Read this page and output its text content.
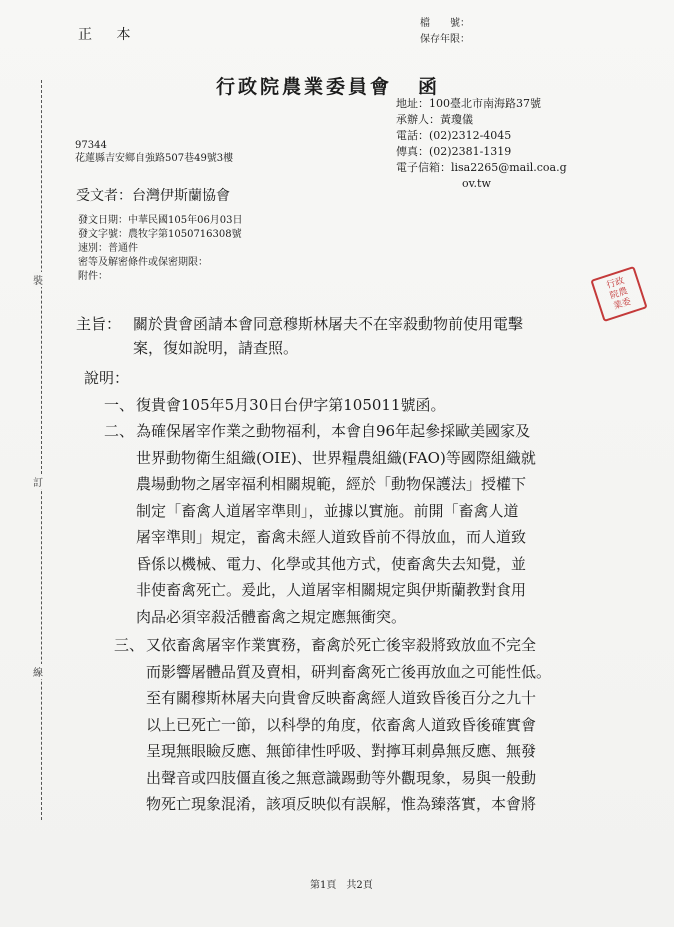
裝
訂
線
正 本
檔　　號：
保存年限：
行政院農業委員會 函
地址：100臺北市南海路37號
承辦人：黃瓊儀
電話：(02)2312-4045
傳真：(02)2381-1319
電子信箱：lisa2265@mail.coa.g
ov.tw
97344
花蓮縣吉安鄉自強路507巷49號3樓
受文者：台灣伊斯蘭協會
發文日期：中華民國105年06月03日
發文字號：農牧字第1050716308號
速別：普通件
密等及解密條件或保密期限：
附件：	行政
院農
業委
主旨： 關於貴會函請本會同意穆斯林屠夫不在宰殺動物前使用電擊
案，復如說明，請查照。
說明：
一、 復貴會105年5月30日台伊字第105011號函。
二、 為確保屠宰作業之動物福利，本會自96年起參採歐美國家及
世界動物衛生組織(OIE)、世界糧農組織(FAO)等國際組織就
農場動物之屠宰福利相關規範，經於「動物保護法」授權下
制定「畜禽人道屠宰準則」，並據以實施。前開「畜禽人道
屠宰準則」規定，畜禽未經人道致昏前不得放血，而人道致
昏係以機械、電力、化學或其他方式，使畜禽失去知覺，並
非使畜禽死亡。爰此，人道屠宰相關規定與伊斯蘭教對食用
肉品必須宰殺活體畜禽之規定應無衝突。
三、 又依畜禽屠宰作業實務，畜禽於死亡後宰殺將致放血不完全
而影響屠體品質及賣相，研判畜禽死亡後再放血之可能性低。
至有關穆斯林屠夫向貴會反映畜禽經人道致昏後百分之九十
以上已死亡一節，以科學的角度，依畜禽人道致昏後確實會
呈現無眼瞼反應、無節律性呼吸、對擰耳刺鼻無反應、無發
出聲音或四肢僵直後之無意識踢動等外觀現象，易與一般動
物死亡現象混淆，該項反映似有誤解，惟為臻落實，本會將
第1頁　共2頁
